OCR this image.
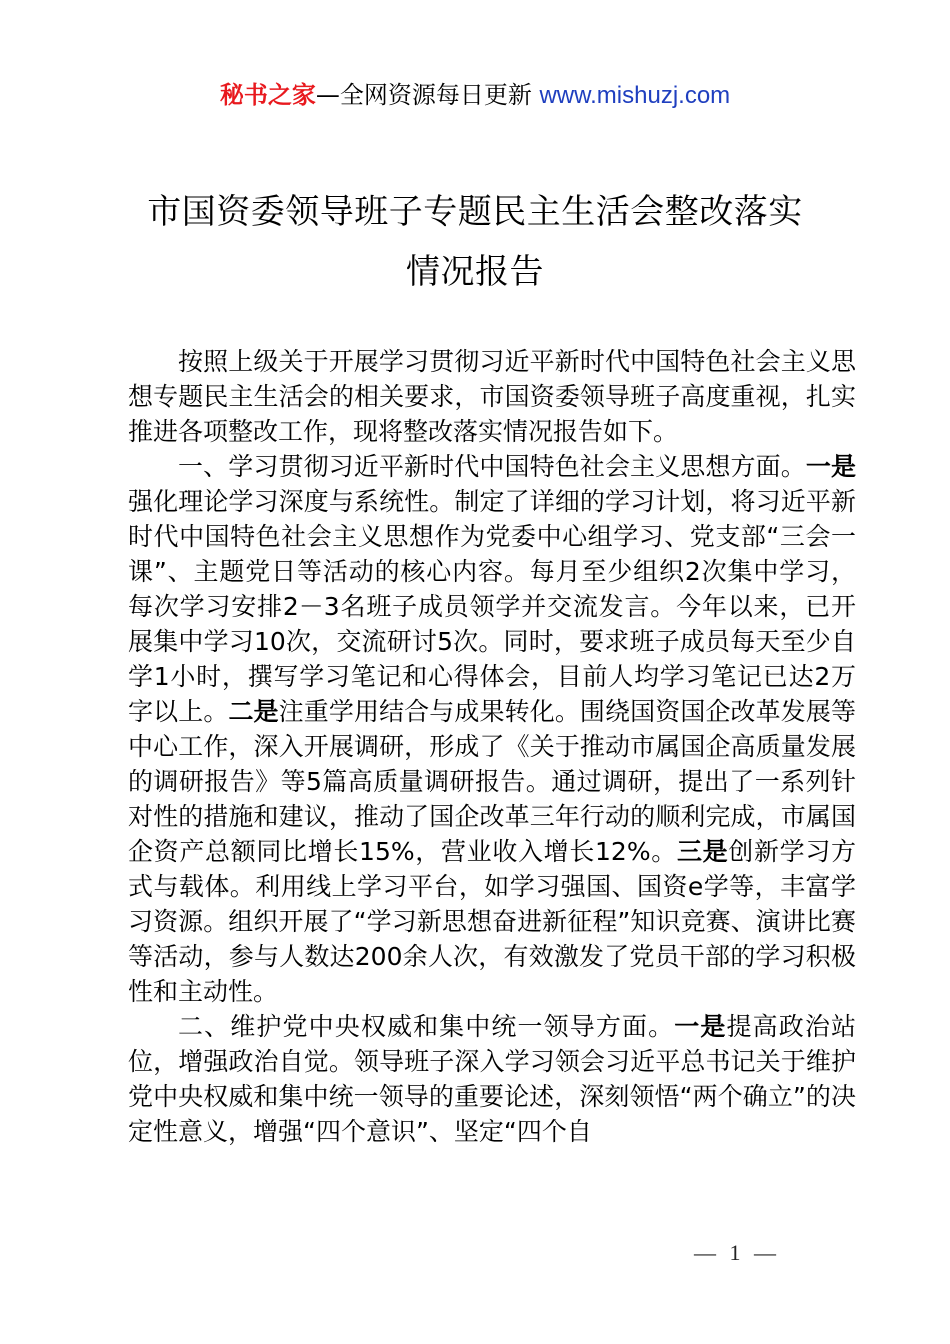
秘书之家—全网资源每日更新 www.mishuzj.com
市国资委领导班子专题民主生活会整改落实
情况报告

按照上级关于开展学习贯彻习近平新时代中国特色社会主义思想专题民主生活会的相关要求，市国资委领导班子高度重视，扎实推进各项整改工作，现将整改落实情况报告如下。

一、学习贯彻习近平新时代中国特色社会主义思想方面。一是强化理论学习深度与系统性。制定了详细的学习计划，将习近平新时代中国特色社会主义思想作为党委中心组学习、党支部“三会一课”、主题党日等活动的核心内容。每月至少组织2次集中学习，每次学习安排2－3名班子成员领学并交流发言。今年以来，已开展集中学习10次，交流研讨5次。同时，要求班子成员每天至少自学1小时，撰写学习笔记和心得体会，目前人均学习笔记已达2万字以上。二是注重学用结合与成果转化。围绕国资国企改革发展等中心工作，深入开展调研，形成了《关于推动市属国企高质量发展的调研报告》等5篇高质量调研报告。通过调研，提出了一系列针对性的措施和建议，推动了国企改革三年行动的顺利完成，市属国企资产总额同比增长15%，营业收入增长12%。三是创新学习方式与载体。利用线上学习平台，如学习强国、国资e学等，丰富学习资源。组织开展了“学习新思想奋进新征程”知识竞赛、演讲比赛等活动，参与人数达200余人次，有效激发了党员干部的学习积极性和主动性。

二、维护党中央权威和集中统一领导方面。一是提高政治站位，增强政治自觉。领导班子深入学习领会习近平总书记关于维护党中央权威和集中统一领导的重要论述，深刻领悟“两个确立”的决定性意义，增强“四个意识”、坚定“四个自

— 1 —
